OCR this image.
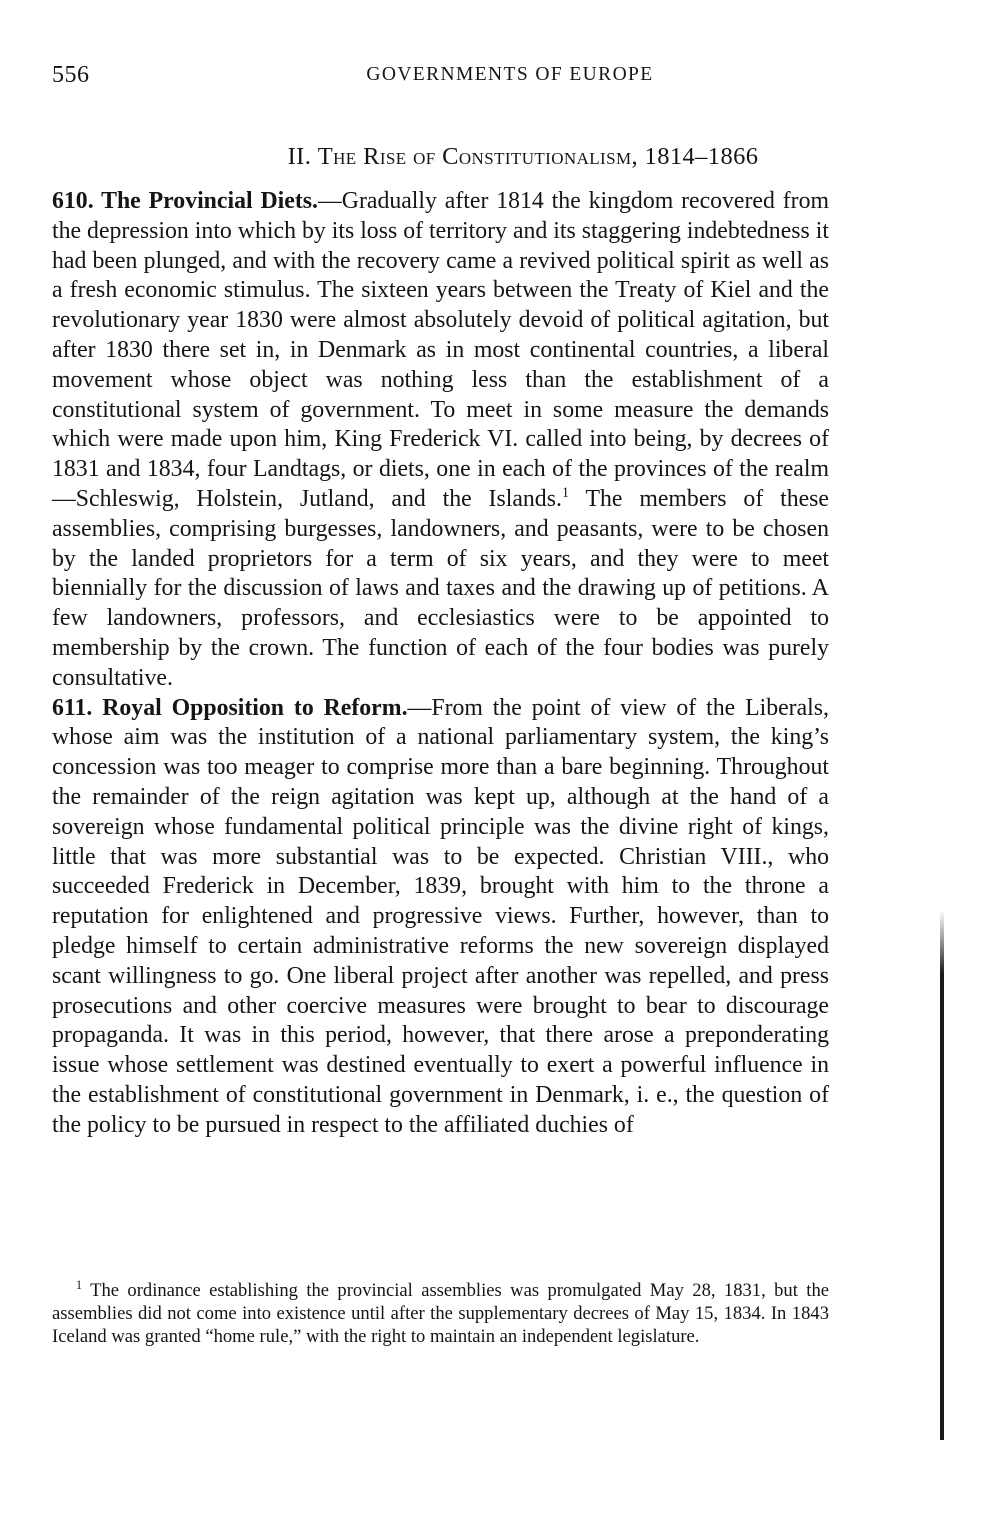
556	GOVERNMENTS OF EUROPE
II. The Rise of Constitutionalism, 1814–1866

610. The Provincial Diets.—Gradually after 1814 the kingdom recovered from the depression into which by its loss of territory and its staggering indebtedness it had been plunged, and with the recovery came a revived political spirit as well as a fresh economic stimulus. The sixteen years between the Treaty of Kiel and the revolutionary year 1830 were almost absolutely devoid of political agitation, but after 1830 there set in, in Denmark as in most continental countries, a liberal movement whose object was nothing less than the establishment of a constitutional system of government. To meet in some measure the demands which were made upon him, King Frederick VI. called into being, by decrees of 1831 and 1834, four Landtags, or diets, one in each of the provinces of the realm—Schleswig, Holstein, Jutland, and the Islands.$^1$ The members of these assemblies, comprising burgesses, landowners, and peasants, were to be chosen by the landed proprietors for a term of six years, and they were to meet biennially for the discussion of laws and taxes and the drawing up of petitions. A few landowners, professors, and ecclesiastics were to be appointed to membership by the crown. The function of each of the four bodies was purely consultative.

611. Royal Opposition to Reform.—From the point of view of the Liberals, whose aim was the institution of a national parliamentary system, the king’s concession was too meager to comprise more than a bare beginning. Throughout the remainder of the reign agitation was kept up, although at the hand of a sovereign whose fundamental political principle was the divine right of kings, little that was more substantial was to be expected. Christian VIII., who succeeded Frederick in December, 1839, brought with him to the throne a reputation for enlightened and progressive views. Further, however, than to pledge himself to certain administrative reforms the new sovereign displayed scant willingness to go. One liberal project after another was repelled, and press prosecutions and other coercive measures were brought to bear to discourage propaganda. It was in this period, however, that there arose a preponderating issue whose settlement was destined eventually to exert a powerful influence in the establishment of constitutional government in Denmark, i. e., the question of the policy to be pursued in respect to the affiliated duchies of

$^1$ The ordinance establishing the provincial assemblies was promulgated May 28, 1831, but the assemblies did not come into existence until after the supplementary decrees of May 15, 1834. In 1843 Iceland was granted “home rule,” with the right to maintain an independent legislature.
